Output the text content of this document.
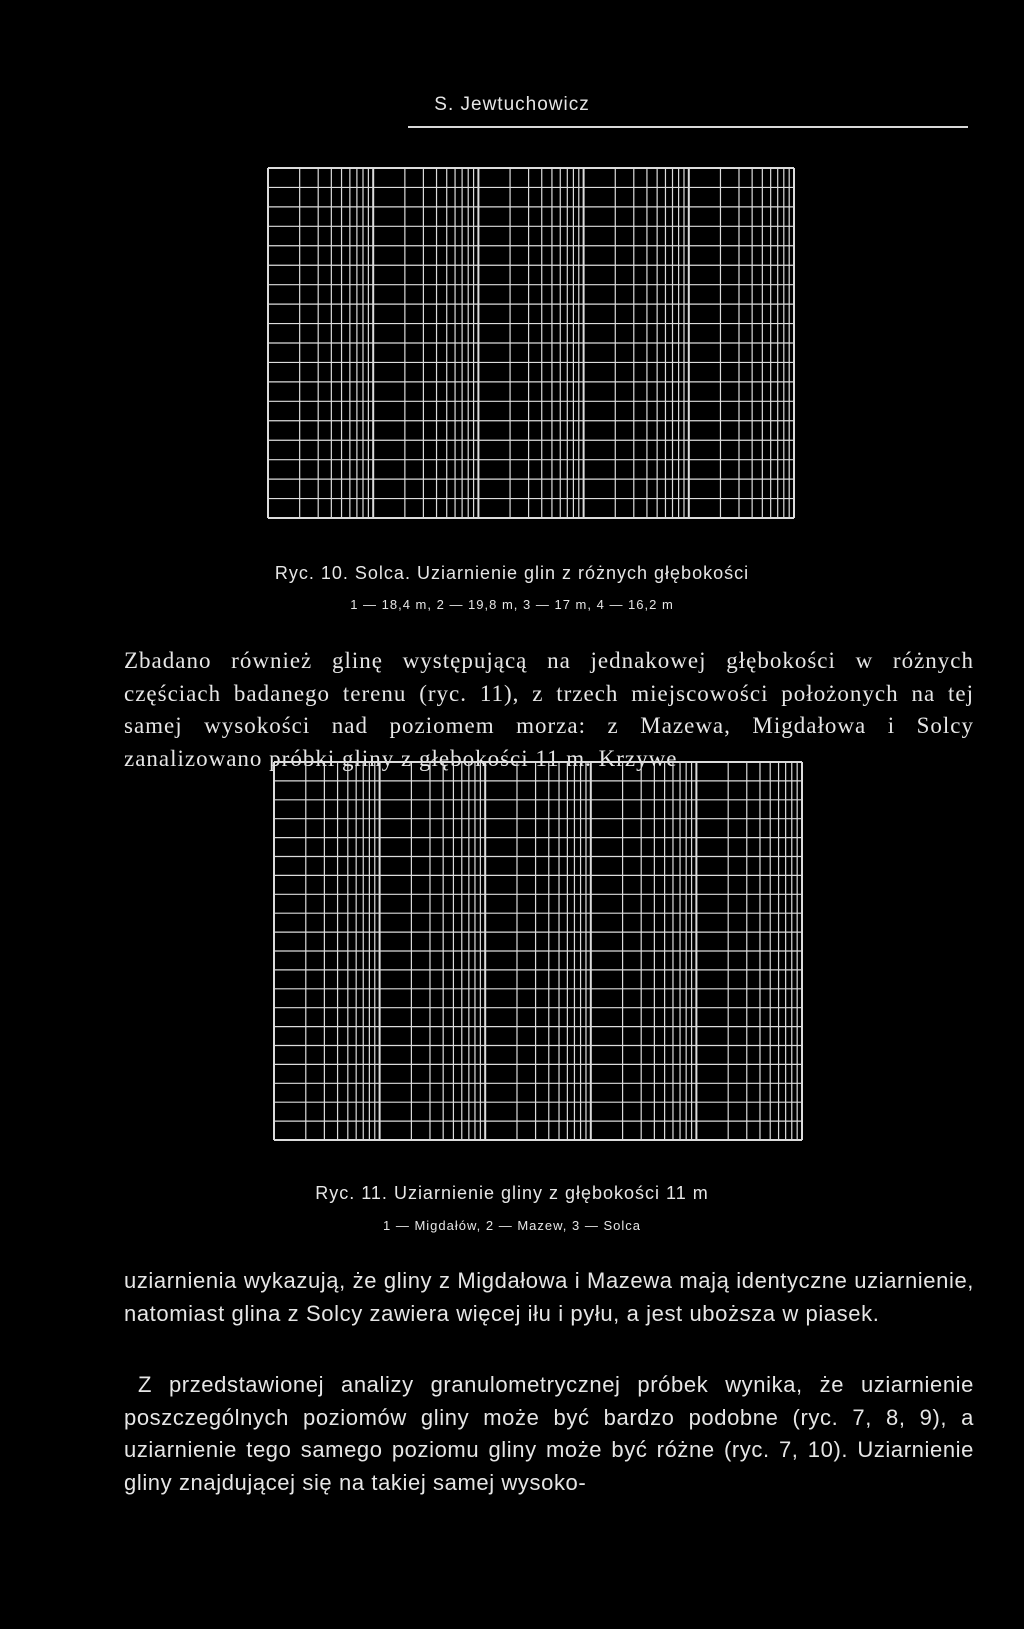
S. Jewtuchowicz
Ryc. 10. Solca. Uziarnienie glin z różnych głębokości
1 — 18,4 m, 2 — 19,8 m, 3 — 17 m, 4 — 16,2 m

Zbadano również glinę występującą na jednakowej głębokości w różnych częściach badanego terenu (ryc. 11), z trzech miejscowości położonych na tej samej wysokości nad poziomem morza: z Mazewa, Migdałowa i Solcy zanalizowano próbki gliny z głębokości 11 m. Krzywe

Ryc. 11. Uziarnienie gliny z głębokości 11 m
1 — Migdałów, 2 — Mazew, 3 — Solca

uziarnienia wykazują, że gliny z Migdałowa i Mazewa mają identyczne uziarnienie, natomiast glina z Solcy zawiera więcej iłu i pyłu, a jest uboższa w piasek.

Z przedstawionej analizy granulometrycznej próbek wynika, że uziarnienie poszczególnych poziomów gliny może być bardzo podobne (ryc. 7, 8, 9), a uziarnienie tego samego poziomu gliny może być różne (ryc. 7, 10). Uziarnienie gliny znajdującej się na takiej samej wysoko-
